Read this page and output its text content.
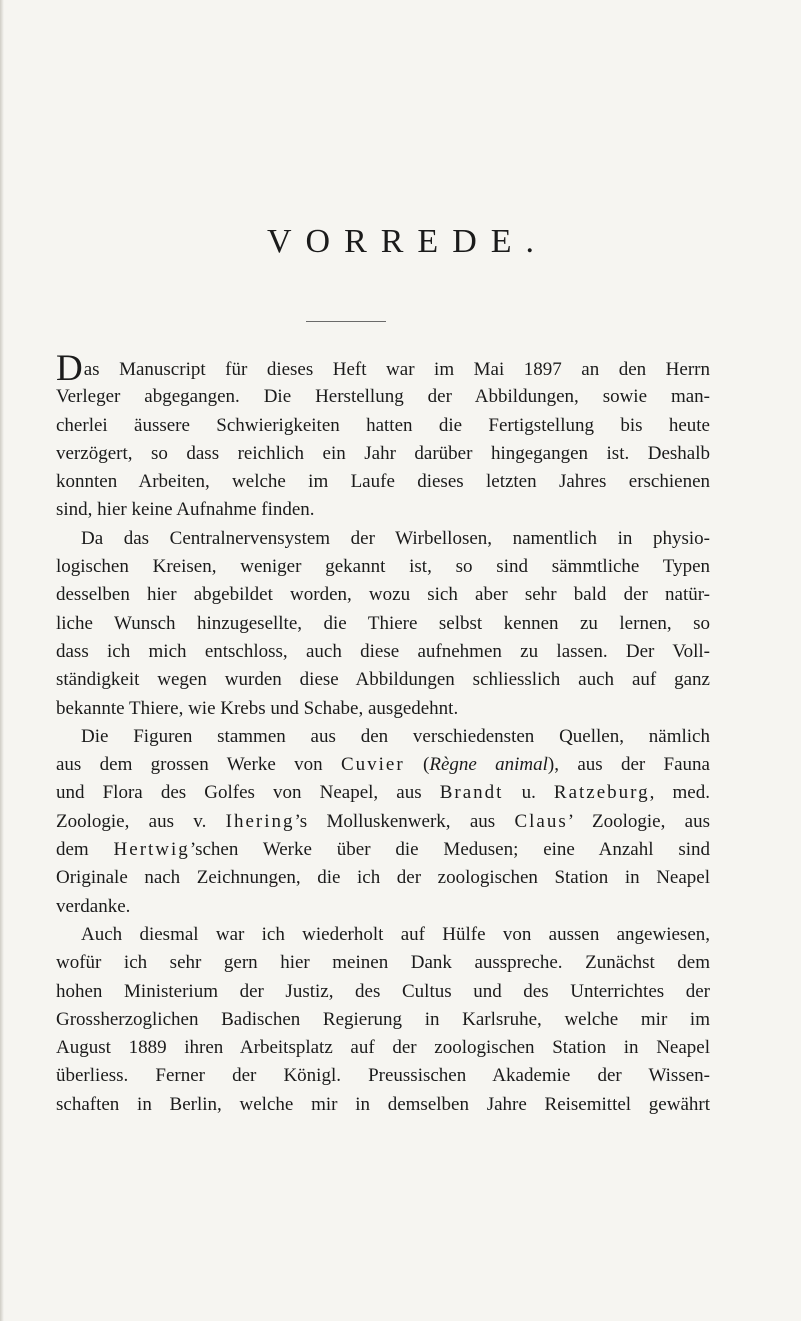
VORREDE.
Das Manuscript für dieses Heft war im Mai 1897 an den Herrn
Verleger abgegangen. Die Herstellung der Abbildungen, sowie man-
cherlei äussere Schwierigkeiten hatten die Fertigstellung bis heute
verzögert, so dass reichlich ein Jahr darüber hingegangen ist. Deshalb
konnten Arbeiten, welche im Laufe dieses letzten Jahres erschienen
sind, hier keine Aufnahme finden.
Da das Centralnervensystem der Wirbellosen, namentlich in physio-
logischen Kreisen, weniger gekannt ist, so sind sämmtliche Typen
desselben hier abgebildet worden, wozu sich aber sehr bald der natür-
liche Wunsch hinzugesellte, die Thiere selbst kennen zu lernen, so
dass ich mich entschloss, auch diese aufnehmen zu lassen. Der Voll-
ständigkeit wegen wurden diese Abbildungen schliesslich auch auf ganz
bekannte Thiere, wie Krebs und Schabe, ausgedehnt.
Die Figuren stammen aus den verschiedensten Quellen, nämlich
aus dem grossen Werke von Cuvier (Règne animal), aus der Fauna
und Flora des Golfes von Neapel, aus Brandt u. Ratzeburg, med.
Zoologie, aus v. Ihering’s Molluskenwerk, aus Claus’ Zoologie, aus
dem Hertwig’schen Werke über die Medusen; eine Anzahl sind
Originale nach Zeichnungen, die ich der zoologischen Station in Neapel
verdanke.
Auch diesmal war ich wiederholt auf Hülfe von aussen angewiesen,
wofür ich sehr gern hier meinen Dank ausspreche. Zunächst dem
hohen Ministerium der Justiz, des Cultus und des Unterrichtes der
Grossherzoglichen Badischen Regierung in Karlsruhe, welche mir im
August 1889 ihren Arbeitsplatz auf der zoologischen Station in Neapel
überliess. Ferner der Königl. Preussischen Akademie der Wissen-
schaften in Berlin, welche mir in demselben Jahre Reisemittel gewährt
